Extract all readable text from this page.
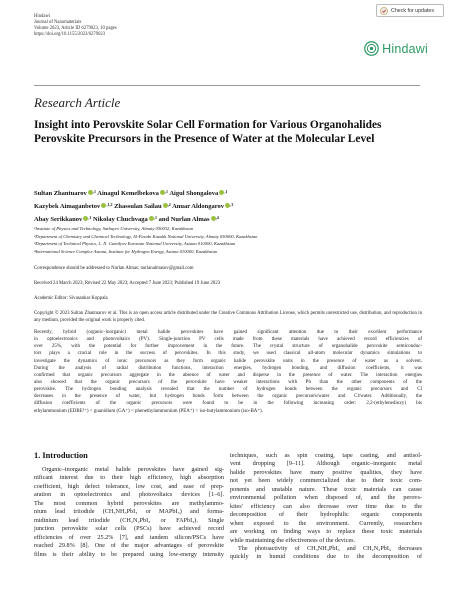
Hindawi
Journal of Nanomaterials
Volume 2023, Article ID 6279023, 10 pages
https://doi.org/10.1155/2023/6279023
Check for updates
Hindawi
Research Article
Insight into Perovskite Solar Cell Formation for Various Organohalides Perovskite Precursors in the Presence of Water at the Molecular Level
Sultan Zhantuarov $^{,1}$ Ainagul Kemelbekova $^{,1}$ Aigul Shongalova $^{,1}$
Kazybek Aimaganbetov $^{,1,2}$ Zhassulan Sailau $^{,2}$ Anuar Aldongarov $^{,3}$
Abay Serikkanov $^{,1}$ Nikolay Chuchvaga $^{,1}$ and Nurlan Almas $^{,4}$
¹Institute of Physics and Technology, Satbayev University, Almaty 050032, Kazakhstan
²Department of Chemistry and Chemical Technology, Al-Farabi Kazakh National University, Almaty 050000, Kazakhstan
³Department of Technical Physics, L. N. Gumilyov Eurasian National University, Astana 010000, Kazakhstan
⁴International Science Complex Astana, Institute for Hydrogen Energy, Astana 010000, Kazakhstan
Correspondence should be addressed to Nurlan Almas; nurlanalmasov@gmail.com
Received 24 March 2023; Revised 22 May 2023; Accepted 7 June 2023; Published 19 June 2023
Academic Editor: Sivasankar Koppala
Copyright © 2023 Sultan Zhantuarov et al. This is an open access article distributed under the Creative Commons Attribution License, which permits unrestricted use, distribution, and reproduction in any medium, provided the original work is properly cited.
Recently, hybrid (organic–inorganic) metal halide perovskites have gained significant attention due to their excellent performance
in optoelectronics and photovoltaics (PV). Single-junction PV cells made from these materials have achieved record efficiencies of
over 25%, with the potential for further improvement in the future. The crystal structure of organohalide perovskite semiconduc-
tors plays a crucial role in the success of perovskites. In this study, we used classical all-atom molecular dynamics simulations to
investigate the dynamics of ionic precursors as they form organic halide perovskite units in the presence of water as a solvent.
During the analysis of radial distribution functions, interaction energies, hydrogen bonding, and diffusion coefficients, it was
confirmed that organic precursors aggregate in the absence of water and disperse in the presence of water. The interaction energies
also showed that the organic precursors of the perovskite have weaker interactions with Pb than the other components of the
perovskite. The hydrogen bonding analysis revealed that the number of hydrogen bonds between the organic precursors and Cl
decreases in the presence of water, but hydrogen bonds form between the organic precursors/water and Cl/water. Additionally, the
diffusion coefficients of the organic precursors were found to be in the following increasing order: 2,2-(ethylenedioxy) bis
ethylammonium (EDBE²⁺) < guanidium (GA⁺) < phenethylammonium (PEA⁺) < iso-butylammonium (iso-BA⁺).
1. Introduction
Organic–inorganic metal halide perovskites have gained sig-
nificant interest due to their high efficiency, high absorption
coefficient, high defect tolerance, low cost, and ease of prep-
aration in optoelectronics and photovoltaics devices [1–6].
The most common hybrid perovskites are methylammo-
nium lead triiodide (CH₃NH₃PbI₃ or MAPbI₃) and forma-
midinium lead triiodide (CH₂N₂PbI₃ or FAPbI₃). Single
junction perovskite solar cells (PSCs) have achieved record
efficiencies of over 25.2% [7], and tandem silicon/PSCs have
reached 29.8% [8]. One of the major advantages of perovskite
films is their ability to be prepared using low-energy intensity
techniques, such as spin coating, tape casting, and antisol-
vent dropping [9–11]. Although organic–inorganic metal
halide perovskites have many positive qualities, they have
not yet been widely commercialized due to their toxic com-
ponents and unstable nature. These toxic materials can cause
environmental pollution when disposed of, and the perovs-
kites' efficiency can also decrease over time due to the
decomposition of their hydrophilic organic components
when exposed to the environment. Currently, researchers
are working on finding ways to replace these toxic materials
while maintaining the effectiveness of the devices.
The photoactivity of CH₃NH₃PbI₃ and CH₂N₂PbI₃ decreases
quickly in humid conditions due to the decomposition of
